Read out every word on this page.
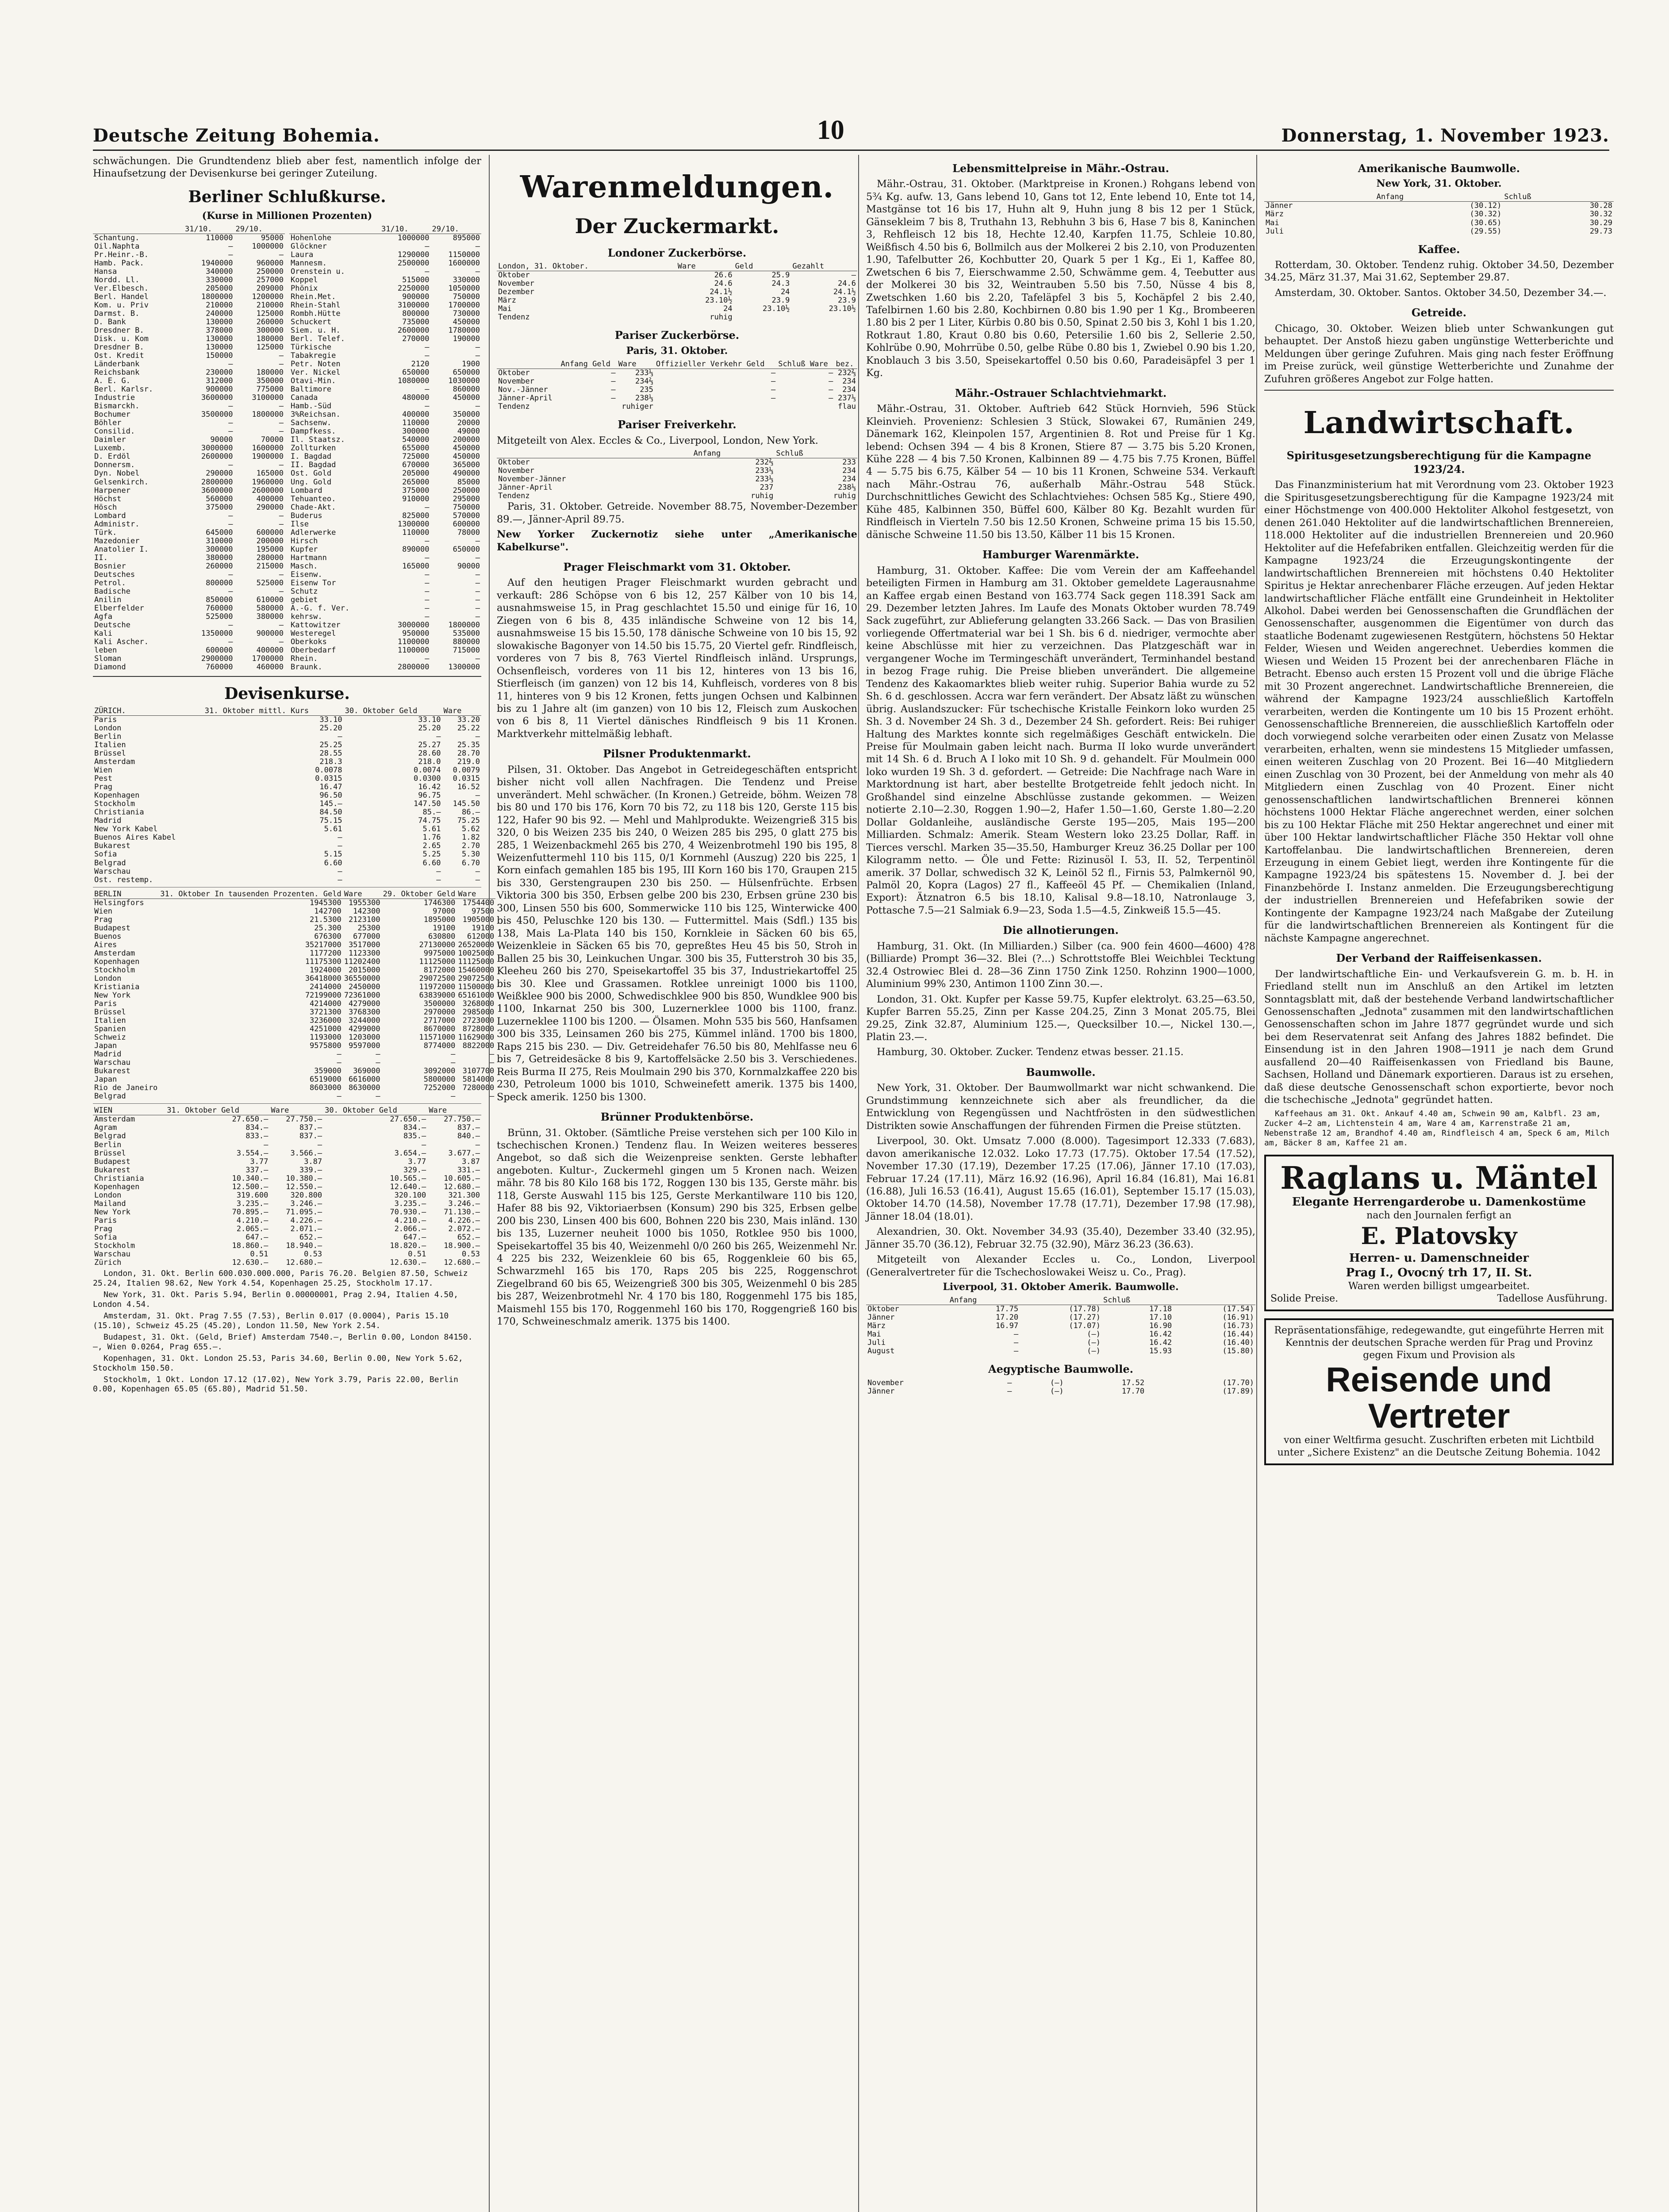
Deutsche Zeitung Bohemia.	10	Donnerstag, 1. November 1923.

schwächungen. Die Grundtendenz blieb aber fest, namentlich infolge der Hinaufsetzung der Devisenkurse bei geringer Zuteilung.

Berliner Schlußkurse.
(Kurse in Millionen Prozenten)
	31/10.	29/10.
Schantung.	110000	95000
Oil.Naphta	—	1000000
Pr.Heinr.-B.	—	—
Hamb. Pack.	1940000	960000
Hansa	340000	250000
Nordd. Ll.	330000	257000
Ver.Elbesch.	205000	209000
Berl. Handel	1800000	1200000
Kom. u. Priv	210000	210000
Darmst. B.	240000	125000
D. Bank	130000	260000
Dresdner B.	378000	300000
Disk. u. Kom	130000	180000
Dresdner B.	130000	125000
Ost. Kredit	150000	—
Länderbank	—	—
Reichsbank	230000	180000
A. E. G.	312000	350000
Berl. Karlsr.	900000	775000
Industrie	3600000	3100000
Bismarckh.	—	—
Bochumer	3500000	1800000
Böhler	—	—
Consilid.	—	—
Daimler	90000	70000
Luxemb.	3000000	1600000
D. Erdöl	2600000	1900000
Donnersm.	—	—
Dyn. Nobel	290000	165000
Gelsenkirch.	2800000	1960000
Harpener	3600000	2600000
Höchst	560000	400000
Hösch	375000	290000
Lombard	—	—
Administr.	—	—
Türk.	645000	600000
Mazedonier	310000	200000
Anatolier I.	300000	195000
II.	380000	280000
Bosnier	260000	215000
Deutsches	—	—
Petrol.	800000	525000
Badische	—	—
Anilin	850000	610000
Elberfelder	760000	580000
Agfa	525000	380000
Deutsche	—	—
Kali	1350000	900000
Kali Ascher.	—	—
leben	600000	400000
Sloman	2900000	1700000
Diamond	760000	460000
	31/10.	29/10.
Hohenlohe	1000000	895000
Glöckner	—	—
Laura	1290000	1150000
Mannesm.	2500000	1600000
Orenstein u.	—	—
Koppel	515000	330000
Phönix	2250000	1050000
Rhein.Met.	900000	750000
Rhein-Stahl	3100000	1700000
Rombh.Hütte	800000	730000
Schuckert	735000	450000
Siem. u. H.	2600000	1780000
Berl. Telef.	270000	190000
Türkische	—	—
Tabakregie	—	—
Petr. Noten	2120	1900
Ver. Nickel	650000	650000
Otavi-Min.	1080000	1030000
Baltimore	—	860000
Canada	480000	450000
Hamb.-Süd	—	—
3%Reichsan.	400000	350000
Sachsenw.	110000	20000
Dampfkess.	300000	49000
Il. Staatsz.	540000	200000
Zollturken	655000	450000
I. Bagdad	725000	450000
II. Bagdad	670000	365000
Ost. Gold	205000	490000
Ung. Gold	265000	85000
Lombard	375000	250000
Tehuanteo.	910000	295000
Chade-Akt.	—	750000
Buderus	825000	570000
Ilse	1300000	600000
Adlerwerke	110000	78000
Hirsch	—	—
Kupfer	890000	650000
Hartmann	—	—
Masch.	165000	90000
Eisenw.	—	—
Eisenw Tor	—	—
Schutz	—	—
gebiet	—	—
A.-G. f. Ver.	—	—
kehrsw.	—	—
Kattowitzer	3000000	1800000
Westeregel	950000	535000
Oberkoks	1100000	880000
Oberbedarf	1100000	715000
Rhein.	—	—
Braunk.	2800000	1300000
Devisenkurse.
ZÜRICH.	31. Oktober mittl. Kurs	30. Oktober Geld	Ware
Paris	33.10	33.10	33.20
London	25.20	25.20	25.22
Berlin	—	—	—
Italien	25.25	25.27	25.35
Brüssel	28.55	28.60	28.70
Amsterdam	218.3	218.0	219.0
Wien	0.0078	0.0074	0.0079
Pest	0.0315	0.0300	0.0315
Prag	16.47	16.42	16.52
Kopenhagen	96.50	96.75	—
Stockholm	145.—	147.50	145.50
Christiania	84.50	85.—	86.—
Madrid	75.15	74.75	75.25
New York Kabel	5.61	5.61	5.62
Buenos Aires Kabel	—	1.76	1.82
Bukarest	—	2.65	2.70
Sofia	5.15	5.25	5.30
Belgrad	6.60	6.60	6.70
Warschau	—	—	—
Ost. restemp.	—	—	—
BERLIN	31. Oktober In tausenden Prozenten. Geld	Ware	29. Oktober Geld	Ware
Helsingfors	1945300	1955300	1746300	1754400
Wien	142700	142300	97000	97500
Prag	21.5300	2123100	1895000	1905000
Budapest	25.300	25300	19100	19100
Buenos	676300	677000	630800	612000
Aires	35217000	3517000	27130000	26520000
Amsterdam	1177200	1123300	9975000	10025000
Kopenhagen	11175300	11202400	11125000	11125000
Stockholm	1924000	2015000	8172000	15460000
London	36418000	36550000	29072500	29072500
Kristiania	2414000	2450000	11972000	11500000
New York	72199000	72361000	63839000	65161000
Paris	4214000	4279000	3500000	3268000
Brüssel	3721300	3768300	2970000	2985000
Italien	3236000	3244000	2717000	2723000
Spanien	4251000	4299000	8670000	8728000
Schweiz	1193000	1203000	11571000	11629000
Japan	9575800	9597000	8774000	8822000
Madrid	—	—	—	—
Warschau	—	—	—	—
Bukarest	359000	369000	3092000	3107700
Japan	6519000	6616000	5800000	5814000
Rio de Janeiro	8603000	8630000	7252000	7280000
Belgrad	—	—	—	—
WIEN	31. Oktober Geld	Ware	30. Oktober Geld	Ware
Amsterdam	27.650.—	27.750.—	27.650.—	27.750.—
Agram	834.—	837.—	834.—	837.—
Belgrad	833.—	837.—	835.—	840.—
Berlin	—	—	—	—
Brüssel	3.554.—	3.566.—	3.654.—	3.677.—
Budapest	3.77	3.87	3.77	3.87
Bukarest	337.—	339.—	329.—	331.—
Christiania	10.340.—	10.380.—	10.565.—	10.605.—
Kopenhagen	12.500.—	12.550.—	12.640.—	12.680.—
London	319.600	320.800	320.100	321.300
Mailand	3.235.—	3.246.—	3.235.—	3.246.—
New York	70.895.—	71.095.—	70.930.—	71.130.—
Paris	4.210.—	4.226.—	4.210.—	4.226.—
Prag	2.065.—	2.071.—	2.066.—	2.072.—
Sofia	647.—	652.—	647.—	652.—
Stockholm	18.860.—	18.940.—	18.820.—	18.900.—
Warschau	0.51	0.53	0.51	0.53
Zürich	12.630.—	12.680.—	12.630.—	12.680.—

London, 31. Okt. Berlin 600.030.000.000, Paris 76.20. Belgien 87.50, Schweiz 25.24, Italien 98.62, New York 4.54, Kopenhagen 25.25, Stockholm 17.17.

New York, 31. Okt. Paris 5.94, Berlin 0.00000001, Prag 2.94, Italien 4.50, London 4.54.

Amsterdam, 31. Okt. Prag 7.55 (7.53), Berlin 0.017 (0.0004), Paris 15.10 (15.10), Schweiz 45.25 (45.20), London 11.50, New York 2.54.

Budapest, 31. Okt. (Geld, Brief) Amsterdam 7540.—, Berlin 0.00, London 84150.—, Wien 0.0264, Prag 655.—.

Kopenhagen, 31. Okt. London 25.53, Paris 34.60, Berlin 0.00, New York 5.62, Stockholm 150.50.

Stockholm, 1 Okt. London 17.12 (17.02), New York 3.79, Paris 22.00, Berlin 0.00, Kopenhagen 65.05 (65.80), Madrid 51.50.

Warenmeldungen.
Der Zuckermarkt.

Londoner Zuckerbörse.
London, 31. Oktober.	Ware	Geld	Gezahlt
Oktober	26.6	25.9	—
November	24.6	24.3	24.6
Dezember	24.1½	24	24.1½
März	23.10½	23.9	23.9
Mai	24	23.10½	23.10½
Tendenz	ruhig		
Pariser Zuckerbörse.
Paris, 31. Oktober.
	Anfang Geld	Ware	Offizieller Verkehr Geld	Schluß Ware	bez.
Oktober	—	233⅓	—	—	232⅔
November	—	234⅔	—	—	234
Nov.-Jänner	—	235	—	—	234
Jänner-April	—	238⅓	—	—	237⅓
Tendenz		ruhiger			flau
Pariser Freiverkehr.

Mitgeteilt von Alex. Eccles & Co., Liverpool, London, New York.

	Anfang	Schluß
Oktober	232⅔	233
November	233⅓	234
November-Jänner	233⅓	234
Jänner-April	237	238⅓
Tendenz	ruhig	ruhig

Paris, 31. Oktober. Getreide. November 88.75, November-Dezember 89.—, Jänner-April 89.75.

New Yorker Zuckernotiz siehe unter „Amerikanische Kabelkurse".

Prager Fleischmarkt vom 31. Oktober.

Auf den heutigen Prager Fleischmarkt wurden gebracht und verkauft: 286 Schöpse von 6 bis 12, 257 Kälber von 10 bis 14, ausnahmsweise 15, in Prag geschlachtet 15.50 und einige für 16, 10 Ziegen von 6 bis 8, 435 inländische Schweine von 12 bis 14, ausnahmsweise 15 bis 15.50, 178 dänische Schweine von 10 bis 15, 92 slowakische Bagonyer von 14.50 bis 15.75, 20 Viertel gefr. Rindfleisch, vorderes von 7 bis 8, 763 Viertel Rindfleisch inländ. Ursprungs, Ochsenfleisch, vorderes von 11 bis 12, hinteres von 13 bis 16, Stierfleisch (im ganzen) von 12 bis 14, Kuhfleisch, vorderes von 8 bis 11, hinteres von 9 bis 12 Kronen, fetts jungen Ochsen und Kalbinnen bis zu 1 Jahre alt (im ganzen) von 10 bis 12, Fleisch zum Auskochen von 6 bis 8, 11 Viertel dänisches Rindfleisch 9 bis 11 Kronen. Marktverkehr mittelmäßig lebhaft.

Pilsner Produktenmarkt.

Pilsen, 31. Oktober. Das Angebot in Getreidegeschäften entspricht bisher nicht voll allen Nachfragen. Die Tendenz und Preise unverändert. Mehl schwächer. (In Kronen.) Getreide, böhm. Weizen 78 bis 80 und 170 bis 176, Korn 70 bis 72, zu 118 bis 120, Gerste 115 bis 122, Hafer 90 bis 92. — Mehl und Mahlprodukte. Weizengrieß 315 bis 320, 0 bis Weizen 235 bis 240, 0 Weizen 285 bis 295, 0 glatt 275 bis 285, 1 Weizenbackmehl 265 bis 270, 4 Weizenbrotmehl 190 bis 195, 8 Weizenfuttermehl 110 bis 115, 0/1 Kornmehl (Auszug) 220 bis 225, 1 Korn einfach gemahlen 185 bis 195, III Korn 160 bis 170, Graupen 215 bis 330, Gerstengraupen 230 bis 250. — Hülsenfrüchte. Erbsen Viktoria 300 bis 350, Erbsen gelbe 200 bis 230, Erbsen grüne 230 bis 300, Linsen 550 bis 600, Sommerwicke 110 bis 125, Winterwicke 400 bis 450, Peluschke 120 bis 130. — Futtermittel. Mais (Sdfl.) 135 bis 138, Mais La-Plata 140 bis 150, Kornkleie in Säcken 60 bis 65, Weizenkleie in Säcken 65 bis 70, gepreßtes Heu 45 bis 50, Stroh in Ballen 25 bis 30, Leinkuchen Ungar. 300 bis 35, Futterstroh 30 bis 35, Kleeheu 260 bis 270, Speisekartoffel 35 bis 37, Industriekartoffel 25 bis 30. Klee und Grassamen. Rotklee unreinigt 1000 bis 1100, Weißklee 900 bis 2000, Schwedischklee 900 bis 850, Wundklee 900 bis 1100, Inkarnat 250 bis 300, Luzernerklee 1000 bis 1100, franz. Luzerneklee 1100 bis 1200. — Ölsamen. Mohn 535 bis 560, Hanfsamen 300 bis 335, Leinsamen 260 bis 275, Kümmel inländ. 1700 bis 1800, Raps 215 bis 230. — Div. Getreidehafer 76.50 bis 80, Mehlfasse neu 6 bis 7, Getreidesäcke 8 bis 9, Kartoffelsäcke 2.50 bis 3. Verschiedenes. Reis Burma II 275, Reis Moulmain 290 bis 370, Kornmalzkaffee 220 bis 230, Petroleum 1000 bis 1010, Schweinefett amerik. 1375 bis 1400, Speck amerik. 1250 bis 1300.

Brünner Produktenbörse.

Brünn, 31. Oktober. (Sämtliche Preise verstehen sich per 100 Kilo in tschechischen Kronen.) Tendenz flau. In Weizen weiteres besseres Angebot, so daß sich die Weizenpreise senkten. Gerste lebhafter angeboten. Kultur-, Zuckermehl gingen um 5 Kronen nach. Weizen mähr. 78 bis 80 Kilo 168 bis 172, Roggen 130 bis 135, Gerste mähr. bis 118, Gerste Auswahl 115 bis 125, Gerste Merkantilware 110 bis 120, Hafer 88 bis 92, Viktoriaerbsen (Konsum) 290 bis 325, Erbsen gelbe 200 bis 230, Linsen 400 bis 600, Bohnen 220 bis 230, Mais inländ. 130 bis 135, Luzerner neuheit 1000 bis 1050, Rotklee 950 bis 1000, Speisekartoffel 35 bis 40, Weizenmehl 0/0 260 bis 265, Weizenmehl Nr. 4 225 bis 232, Weizenkleie 60 bis 65, Roggenkleie 60 bis 65, Schwarzmehl 165 bis 170, Raps 205 bis 225, Roggenschrot Ziegelbrand 60 bis 65, Weizengrieß 300 bis 305, Weizenmehl 0 bis 285 bis 287, Weizenbrotmehl Nr. 4 170 bis 180, Roggenmehl 175 bis 185, Maismehl 155 bis 170, Roggenmehl 160 bis 170, Roggengrieß 160 bis 170, Schweineschmalz amerik. 1375 bis 1400.

Lebensmittelpreise in Mähr.-Ostrau.

Mähr.-Ostrau, 31. Oktober. (Marktpreise in Kronen.) Rohgans lebend von 5¾ Kg. aufw. 13, Gans lebend 10, Gans tot 12, Ente lebend 10, Ente tot 14, Mastgänse tot 16 bis 17, Huhn alt 9, Huhn jung 8 bis 12 per 1 Stück, Gänsekleim 7 bis 8, Truthahn 13, Rebhuhn 3 bis 6, Hase 7 bis 8, Kaninchen 3, Rehfleisch 12 bis 18, Hechte 12.40, Karpfen 11.75, Schleie 10.80, Weißfisch 4.50 bis 6, Bollmilch aus der Molkerei 2 bis 2.10, von Produzenten 1.90, Tafelbutter 26, Kochbutter 20, Quark 5 per 1 Kg., Ei 1, Kaffee 80, Zwetschen 6 bis 7, Eierschwamme 2.50, Schwämme gem. 4, Teebutter aus der Molkerei 30 bis 32, Weintrauben 5.50 bis 7.50, Nüsse 4 bis 8, Zwetschken 1.60 bis 2.20, Tafeläpfel 3 bis 5, Kochäpfel 2 bis 2.40, Tafelbirnen 1.60 bis 2.80, Kochbirnen 0.80 bis 1.90 per 1 Kg., Brombeeren 1.80 bis 2 per 1 Liter, Kürbis 0.80 bis 0.50, Spinat 2.50 bis 3, Kohl 1 bis 1.20, Rotkraut 1.80, Kraut 0.80 bis 0.60, Petersilie 1.60 bis 2, Sellerie 2.50, Kohlrübe 0.90, Mohrrübe 0.50, gelbe Rübe 0.80 bis 1, Zwiebel 0.90 bis 1.20, Knoblauch 3 bis 3.50, Speisekartoffel 0.50 bis 0.60, Paradeisäpfel 3 per 1 Kg.

Mähr.-Ostrauer Schlachtviehmarkt.

Mähr.-Ostrau, 31. Oktober. Auftrieb 642 Stück Hornvieh, 596 Stück Kleinvieh. Provenienz: Schlesien 3 Stück, Slowakei 67, Rumänien 249, Dänemark 162, Kleinpolen 157, Argentinien 8. Rot und Preise für 1 Kg. lebend: Ochsen 394 — 4 bis 8 Kronen, Stiere 87 — 3.75 bis 5.20 Kronen, Kühe 228 — 4 bis 7.50 Kronen, Kalbinnen 89 — 4.75 bis 7.75 Kronen, Büffel 4 — 5.75 bis 6.75, Kälber 54 — 10 bis 11 Kronen, Schweine 534. Verkauft nach Mähr.-Ostrau 76, außerhalb Mähr.-Ostrau 548 Stück. Durchschnittliches Gewicht des Schlachtviehes: Ochsen 585 Kg., Stiere 490, Kühe 485, Kalbinnen 350, Büffel 600, Kälber 80 Kg. Bezahlt wurden für Rindfleisch in Vierteln 7.50 bis 12.50 Kronen, Schweine prima 15 bis 15.50, dänische Schweine 11.50 bis 13.50, Kälber 11 bis 15 Kronen.

Hamburger Warenmärkte.

Hamburg, 31. Oktober. Kaffee: Die vom Verein der am Kaffeehandel beteiligten Firmen in Hamburg am 31. Oktober gemeldete Lagerausnahme an Kaffee ergab einen Bestand von 163.774 Sack gegen 118.391 Sack am 29. Dezember letzten Jahres. Im Laufe des Monats Oktober wurden 78.749 Sack zugeführt, zur Ablieferung gelangten 33.266 Sack. — Das von Brasilien vorliegende Offertmaterial war bei 1 Sh. bis 6 d. niedriger, vermochte aber keine Abschlüsse mit hier zu verzeichnen. Das Platzgeschäft war in vergangener Woche im Termingeschäft unverändert, Terminhandel bestand in bezog Frage ruhig. Die Preise blieben unverändert. Die allgemeine Tendenz des Kakaomarktes blieb weiter ruhig. Superior Bahia wurde zu 52 Sh. 6 d. geschlossen. Accra war fern verändert. Der Absatz läßt zu wünschen übrig. Auslandszucker: Für tschechische Kristalle Feinkorn loko wurden 25 Sh. 3 d. November 24 Sh. 3 d., Dezember 24 Sh. gefordert. Reis: Bei ruhiger Haltung des Marktes konnte sich regelmäßiges Geschäft entwickeln. Die Preise für Moulmain gaben leicht nach. Burma II loko wurde unverändert mit 14 Sh. 6 d. Bruch A I loko mit 10 Sh. 9 d. gehandelt. Für Moulmein 000 loko wurden 19 Sh. 3 d. gefordert. — Getreide: Die Nachfrage nach Ware in Marktordnung ist hart, aber bestellte Brotgetreide fehlt jedoch nicht. In Großhandel sind einzelne Abschlüsse zustande gekommen. — Weizen notierte 2.10—2.30, Roggen 1.90—2, Hafer 1.50—1.60, Gerste 1.80—2.20 Dollar Goldanleihe, ausländische Gerste 195—205, Mais 195—200 Milliarden. Schmalz: Amerik. Steam Western loko 23.25 Dollar, Raff. in Tierces verschl. Marken 35—35.50, Hamburger Kreuz 36.25 Dollar per 100 Kilogramm netto. — Öle und Fette: Rizinusöl I. 53, II. 52, Terpentinöl amerik. 37 Dollar, schwedisch 32 K, Leinöl 52 fl., Firnis 53, Palmkernöl 90, Palmöl 20, Kopra (Lagos) 27 fl., Kaffeeöl 45 Pf. — Chemikalien (Inland, Export): Ätznatron 6.5 bis 18.10, Kalisal 9.8—18.10, Natronlauge 3, Pottasche 7.5—21 Salmiak 6.9—23, Soda 1.5—4.5, Zinkweiß 15.5—45.

Die allnotierungen.

Hamburg, 31. Okt. (In Milliarden.) Silber (ca. 900 fein 4600—4600) 4?8 (Billiarde) Prompt 36—32. Blei (?...) Schrottstoffe Blei Weichblei Tecktung 32.4 Ostrowiec Blei d. 28—36 Zinn 1750 Zink 1250. Rohzinn 1900—1000, Aluminium 99% 230, Antimon 1100 Zinn 30.—.

London, 31. Okt. Kupfer per Kasse 59.75, Kupfer elektrolyt. 63.25—63.50, Kupfer Barren 55.25, Zinn per Kasse 204.25, Zinn 3 Monat 205.75, Blei 29.25, Zink 32.87, Aluminium 125.—, Quecksilber 10.—, Nickel 130.—, Platin 23.—.

Hamburg, 30. Oktober. Zucker. Tendenz etwas besser. 21.15.

Baumwolle.

New York, 31. Oktober. Der Baumwollmarkt war nicht schwankend. Die Grundstimmung kennzeichnete sich aber als freundlicher, da die Entwicklung von Regengüssen und Nachtfrösten in den südwestlichen Distrikten sowie Anschaffungen der führenden Firmen die Preise stützten.

Liverpool, 30. Okt. Umsatz 7.000 (8.000). Tagesimport 12.333 (7.683), davon amerikanische 12.032. Loko 17.73 (17.75). Oktober 17.54 (17.52), November 17.30 (17.19), Dezember 17.25 (17.06), Jänner 17.10 (17.03), Februar 17.24 (17.11), März 16.92 (16.96), April 16.84 (16.81), Mai 16.81 (16.88), Juli 16.53 (16.41), August 15.65 (16.01), September 15.17 (15.03), Oktober 14.70 (14.58), November 17.78 (17.71), Dezember 17.98 (17.98), Jänner 18.04 (18.01).

Alexandrien, 30. Okt. November 34.93 (35.40), Dezember 33.40 (32.95), Jänner 35.70 (36.12), Februar 32.75 (32.90), März 36.23 (36.63).

Mitgeteilt von Alexander Eccles u. Co., London, Liverpool (Generalvertreter für die Tschechoslowakei Weisz u. Co., Prag).

Liverpool, 31. Oktober Amerik. Baumwolle.
	Anfang		Schluß	
Oktober	17.75	(17.78)	17.18	(17.54)
Jänner	17.20	(17.27)	17.10	(16.91)
März	16.97	(17.07)	16.90	(16.73)
Mai	—	(—)	16.42	(16.44)
Juli	—	(—)	16.42	(16.40)
August	—	(—)	15.93	(15.80)
Aegyptische Baumwolle.
November	—	(—)	17.52	(17.70)
Jänner	—	(—)	17.70	(17.89)
Amerikanische Baumwolle.
New York, 31. Oktober.
	Anfang	Schluß
Jänner	(30.12)	30.28
März	(30.32)	30.32
Mai	(30.65)	30.29
Juli	(29.55)	29.73
Kaffee.

Rotterdam, 30. Oktober. Tendenz ruhig. Oktober 34.50, Dezember 34.25, März 31.37, Mai 31.62, September 29.87.

Amsterdam, 30. Oktober. Santos. Oktober 34.50, Dezember 34.—.

Getreide.

Chicago, 30. Oktober. Weizen blieb unter Schwankungen gut behauptet. Der Anstoß hiezu gaben ungünstige Wetterberichte und Meldungen über geringe Zufuhren. Mais ging nach fester Eröffnung im Preise zurück, weil günstige Wetterberichte und Zunahme der Zufuhren größeres Angebot zur Folge hatten.

Landwirtschaft.
Spiritusgesetzungsberechtigung für die Kampagne 1923/24.

Das Finanzministerium hat mit Verordnung vom 23. Oktober 1923 die Spiritusgesetzungsberechtigung für die Kampagne 1923/24 mit einer Höchstmenge von 400.000 Hektoliter Alkohol festgesetzt, von denen 261.040 Hektoliter auf die landwirtschaftlichen Brennereien, 118.000 Hektoliter auf die industriellen Brennereien und 20.960 Hektoliter auf die Hefefabriken entfallen. Gleichzeitig werden für die Kampagne 1923/24 die Erzeugungskontingente der landwirtschaftlichen Brennereien mit höchstens 0.40 Hektoliter Spiritus je Hektar anrechenbarer Fläche erzeugen. Auf jeden Hektar landwirtschaftlicher Fläche entfällt eine Grundeinheit in Hektoliter Alkohol. Dabei werden bei Genossenschaften die Grundflächen der Genossenschafter, ausgenommen die Eigentümer von durch das staatliche Bodenamt zugewiesenen Restgütern, höchstens 50 Hektar Felder, Wiesen und Weiden angerechnet. Ueberdies kommen die Wiesen und Weiden 15 Prozent bei der anrechenbaren Fläche in Betracht. Ebenso auch ersten 15 Prozent voll und die übrige Fläche mit 30 Prozent angerechnet. Landwirtschaftliche Brennereien, die während der Kampagne 1923/24 ausschließlich Kartoffeln verarbeiten, werden die Kontingente um 10 bis 15 Prozent erhöht. Genossenschaftliche Brennereien, die ausschließlich Kartoffeln oder doch vorwiegend solche verarbeiten oder einen Zusatz von Melasse verarbeiten, erhalten, wenn sie mindestens 15 Mitglieder umfassen, einen weiteren Zuschlag von 20 Prozent. Bei 16—40 Mitgliedern einen Zuschlag von 30 Prozent, bei der Anmeldung von mehr als 40 Mitgliedern einen Zuschlag von 40 Prozent. Einer nicht genossenschaftlichen landwirtschaftlichen Brennerei können höchstens 1000 Hektar Fläche angerechnet werden, einer solchen bis zu 100 Hektar Fläche mit 250 Hektar angerechnet und einer mit über 100 Hektar landwirtschaftlicher Fläche 350 Hektar voll ohne Kartoffelanbau. Die landwirtschaftlichen Brennereien, deren Erzeugung in einem Gebiet liegt, werden ihre Kontingente für die Kampagne 1923/24 bis spätestens 15. November d. J. bei der Finanzbehörde I. Instanz anmelden. Die Erzeugungsberechtigung der industriellen Brennereien und Hefefabriken sowie der Kontingente der Kampagne 1923/24 nach Maßgabe der Zuteilung für die landwirtschaftlichen Brennereien als Kontingent für die nächste Kampagne angerechnet.

Der Verband der Raiffeisenkassen.

Der landwirtschaftliche Ein- und Verkaufsverein G. m. b. H. in Friedland stellt nun im Anschluß an den Artikel im letzten Sonntagsblatt mit, daß der bestehende Verband landwirtschaftlicher Genossenschaften „Jednota" zusammen mit den landwirtschaftlichen Genossenschaften schon im Jahre 1877 gegründet wurde und sich bei dem Reservatenrat seit Anfang des Jahres 1882 befindet. Die Einsendung ist in den Jahren 1908—1911 je nach dem Grund ausfallend 20—40 Raiffeisenkassen von Friedland bis Baune, Sachsen, Holland und Dänemark exportieren. Daraus ist zu ersehen, daß diese deutsche Genossenschaft schon exportierte, bevor noch die tschechische „Jednota" gegründet hatten.

Kaffeehaus am 31. Okt. Ankauf 4.40 am, Schwein 90 am, Kalbfl. 23 am, Zucker 4—2 am, Lichtenstein 4 am, Ware 4 am, Karrenstraße 21 am, Nebenstraße 12 am, Brandhof 4.40 am, Rindfleisch 4 am, Speck 6 am, Milch am, Bäcker 8 am, Kaffee 21 am.

Raglans u. Mäntel
Elegante Herrengarderobe u. Damenkostüme
nach den Journalen ferfigt an
E. Platovsky
Herren- u. Damenschneider
Prag I., Ovocný trh 17, II. St.
Waren werden billigst umgearbeitet.
Solide Preise.	Tadellose Ausführung.
Repräsentationsfähige, redegewandte, gut eingeführte Herren mit Kenntnis der deutschen Sprache werden für Prag und Provinz gegen Fixum und Provision als
Reisende und Vertreter
von einer Weltfirma gesucht. Zuschriften erbeten mit Lichtbild unter „Sichere Existenz" an die Deutsche Zeitung Bohemia. 1042
